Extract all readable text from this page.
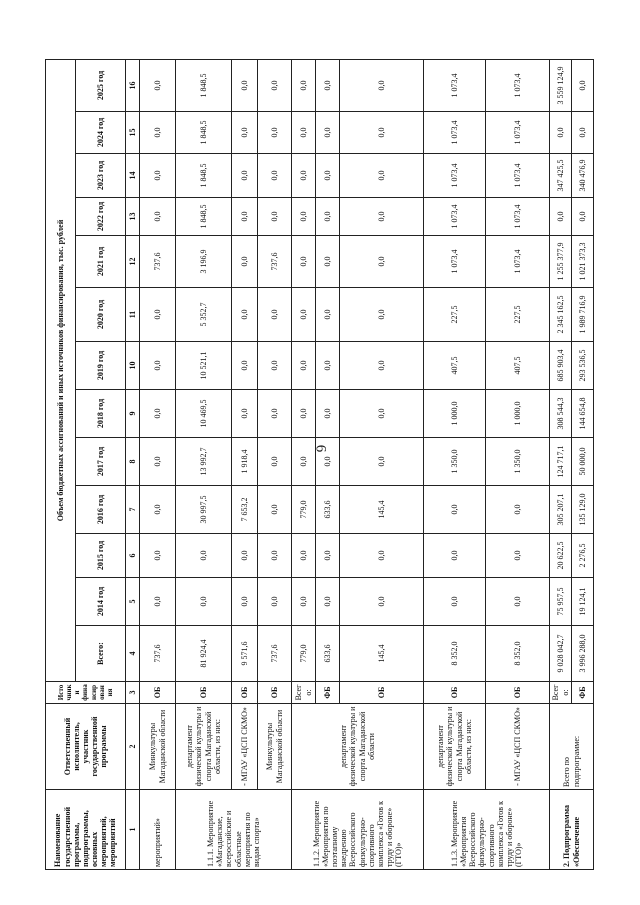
6
Наименование государственной программы, подпрограммы, основных мероприятий, мероприятий	Ответственный исполнитель, участник государственной программы	Источники финансирования	Объем бюджетных ассигнований и иных источников финансирования, тыс. рублей												
			Всего:	2014 год	2015 год	2016 год	2017 год	2018 год	2019 год	2020 год	2021 год	2022 год	2023 год	2024 год	2025 год
1	2	3	4	5	6	7	8	9	10	11	12	13	14	15	16
мероприятий»	Минкультуры Магаданской области	ОБ	737,6	0,0	0,0	0,0	0,0	0,0	0,0	0,0	737,6	0,0	0,0	0,0	0,0
1.1.1. Мероприятие «Магаданские, всероссийские и областные мероприятия по видам спорта»	департамент физической культуры и спорта Магаданской области, из них:	ОБ	81 924,4	0,0	0,0	30 997,5	13 992,7	10 469,5	10 521,1	5 352,7	3 196,9	1 848,5	1 848,5	1 848,5	1 848,5
	- МГАУ «ЦСП СКМО»	ОБ	9 571,6	0,0	0,0	7 653,2	1 918,4	0,0	0,0	0,0	0,0	0,0	0,0	0,0	0,0
	Минкультуры Магаданской области	ОБ	737,6	0,0	0,0	0,0	0,0	0,0	0,0	0,0	737,6	0,0	0,0	0,0	0,0
1.1.2. Мероприятие «Мероприятия по поэтапному внедрению Всероссийского физкультурно-спортивного комплекса «Готов к труду и обороне» (ГТО)»	департамент физической культуры и спорта Магаданской области	Всего:	779,0	0,0	0,0	779,0	0,0	0,0	0,0	0,0	0,0	0,0	0,0	0,0	0,0
		ФБ	633,6	0,0	0,0	633,6	0,0	0,0	0,0	0,0	0,0	0,0	0,0	0,0	0,0
		ОБ	145,4	0,0	0,0	145,4	0,0	0,0	0,0	0,0	0,0	0,0	0,0	0,0	0,0
1.1.3. Мероприятие «Мероприятия Всероссийского физкультурно-спортивного комплекса «Готов к труду и обороне» (ГТО)»	департамент физической культуры и спорта Магаданской области, из них:	ОБ	8 352,0	0,0	0,0	0,0	1 350,0	1 000,0	407,5	227,5	1 073,4	1 073,4	1 073,4	1 073,4	1 073,4
	- МГАУ «ЦСП СКМО»	ОБ	8 352,0	0,0	0,0	0,0	1 350,0	1 000,0	407,5	227,5	1 073,4	1 073,4	1 073,4	1 073,4	1 073,4
2. Подпрограмма «Обеспечение	Всего по подпрограмме:	Всего:	9 028 042,7	75 957,5	20 622,5	305 207,1	124 717,1	308 544,3	685 903,4	2 345 162,5	1 255 377,9	0,0	347 425,5	0,0	3 559 124,9
		ФБ	3 996 288,0	19 124,1	2 276,5	135 129,0	50 000,0	144 654,8	293 536,5	1 989 716,9	1 021 373,3	0,0	340 476,9	0,0	0,0
